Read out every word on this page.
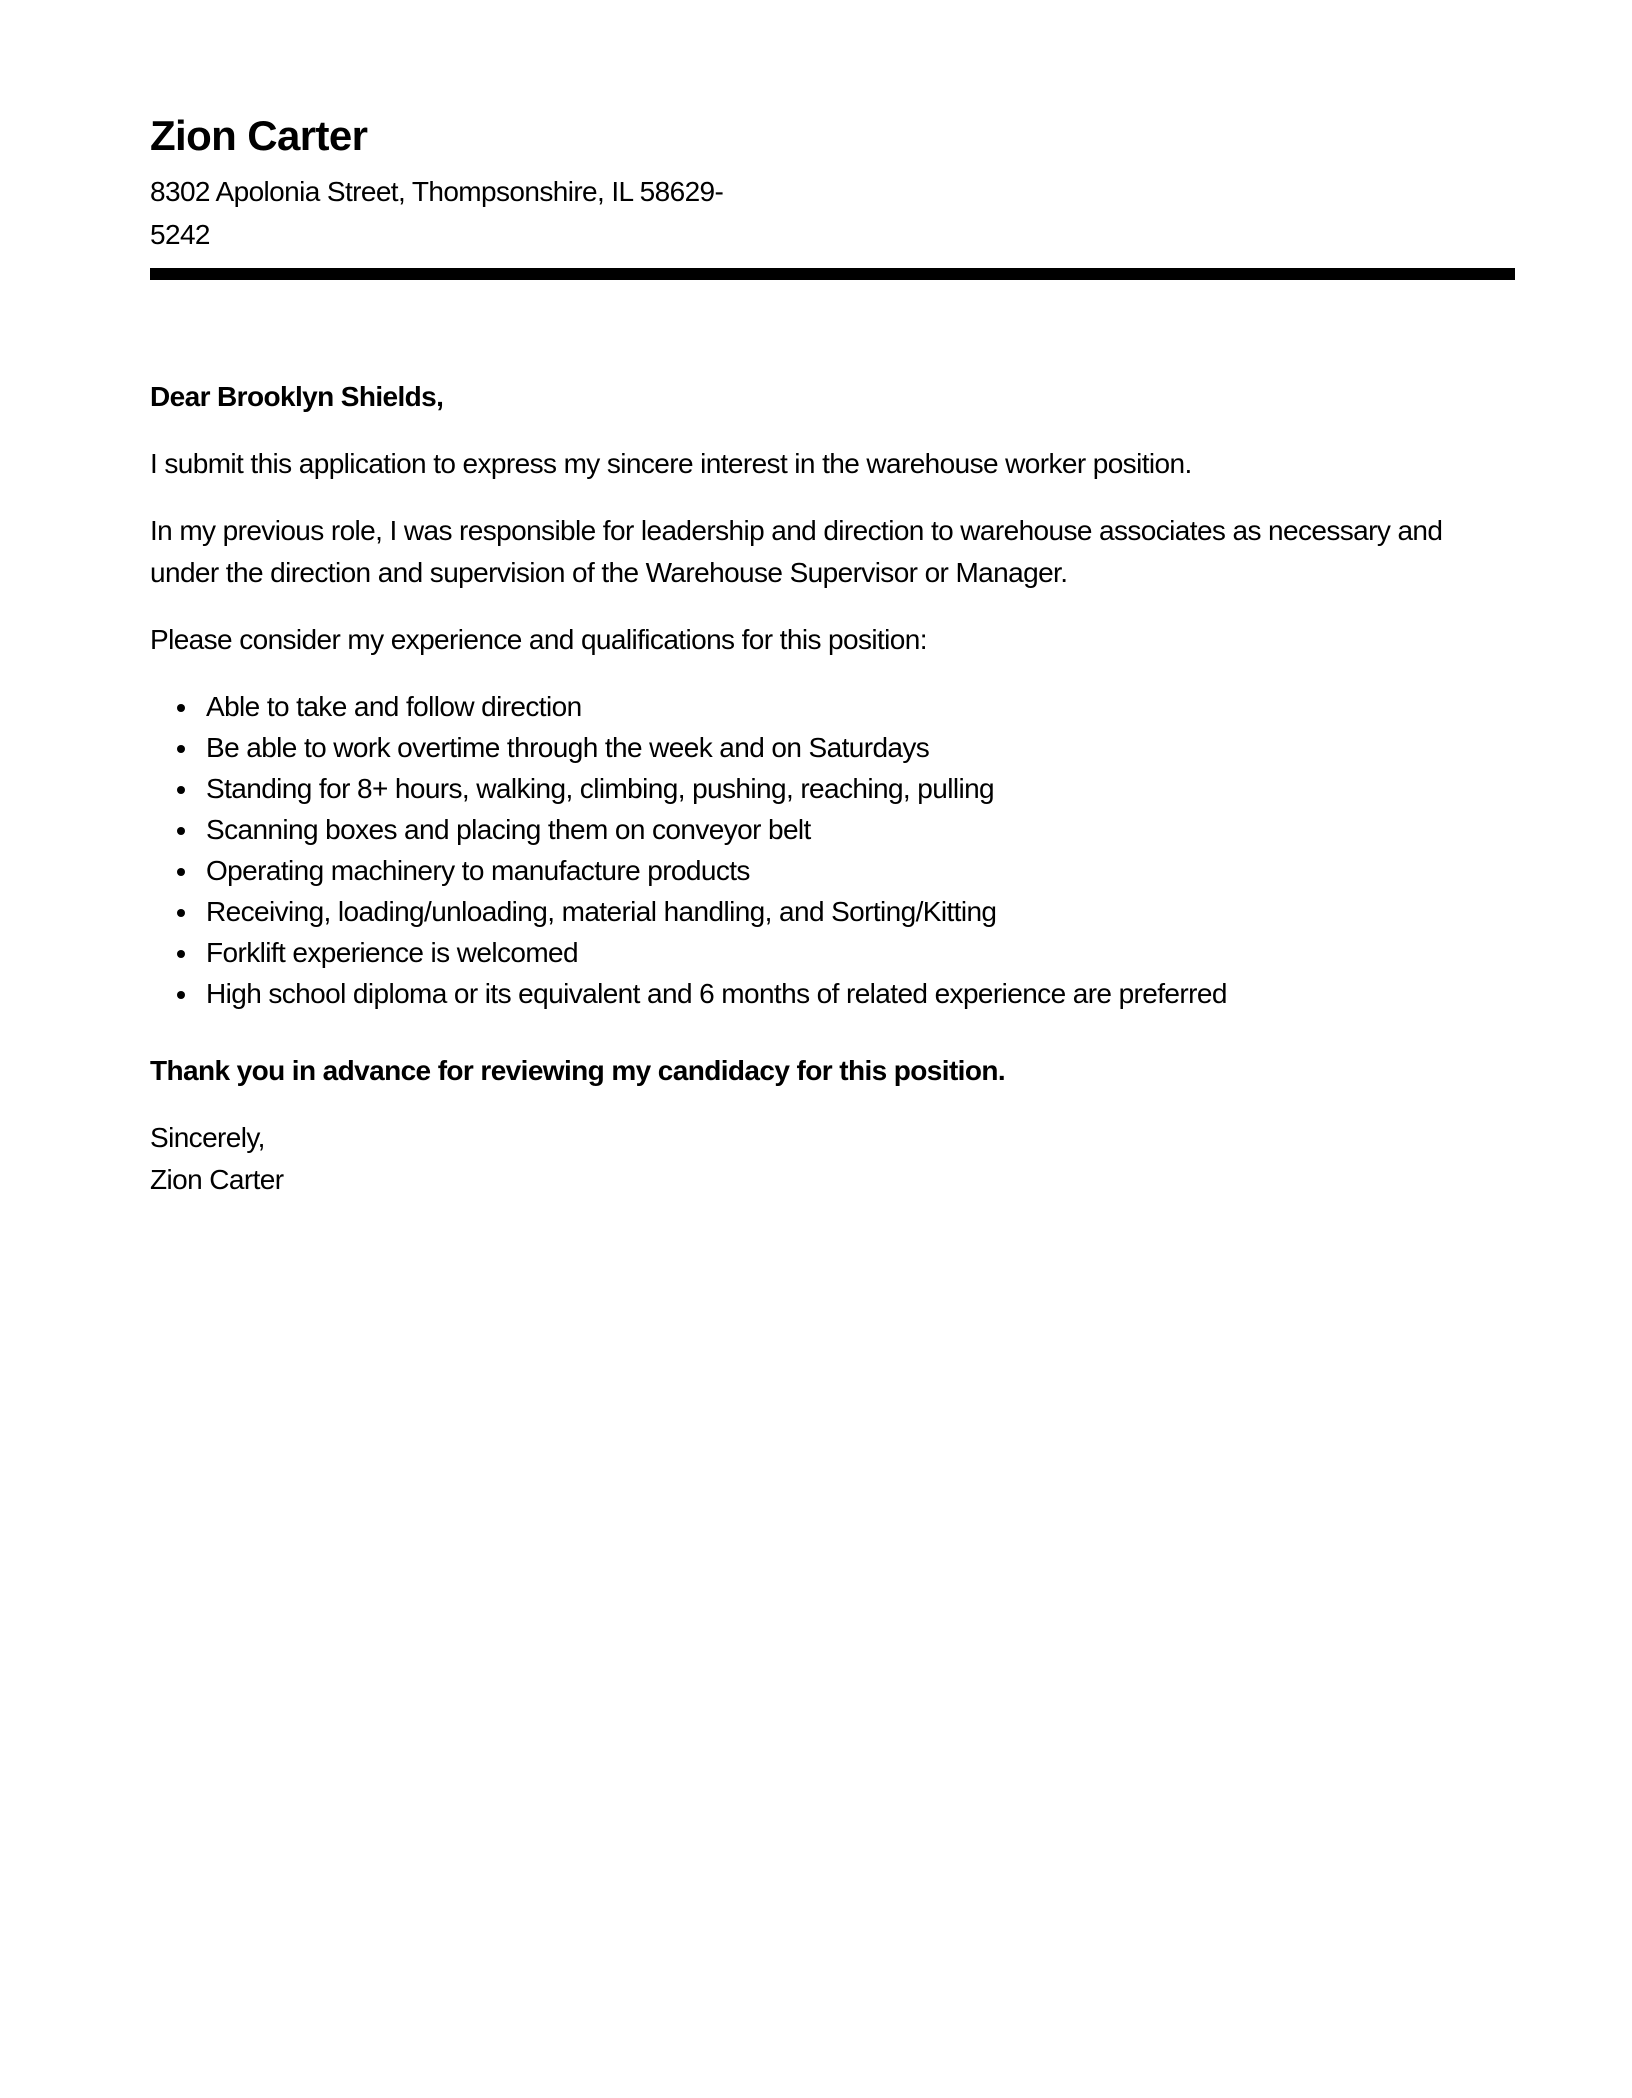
Zion Carter
8302 Apolonia Street, Thompsonshire, IL 58629-
5242
Dear Brooklyn Shields,

I submit this application to express my sincere interest in the warehouse worker position.

In my previous role, I was responsible for leadership and direction to warehouse associates as necessary and under the direction and supervision of the Warehouse Supervisor or Manager.

Please consider my experience and qualifications for this position:

• Able to take and follow direction
• Be able to work overtime through the week and on Saturdays
• Standing for 8+ hours, walking, climbing, pushing, reaching, pulling
• Scanning boxes and placing them on conveyor belt
• Operating machinery to manufacture products
• Receiving, loading/unloading, material handling, and Sorting/Kitting
• Forklift experience is welcomed
• High school diploma or its equivalent and 6 months of related experience are preferred

Thank you in advance for reviewing my candidacy for this position.

Sincerely,
Zion Carter
